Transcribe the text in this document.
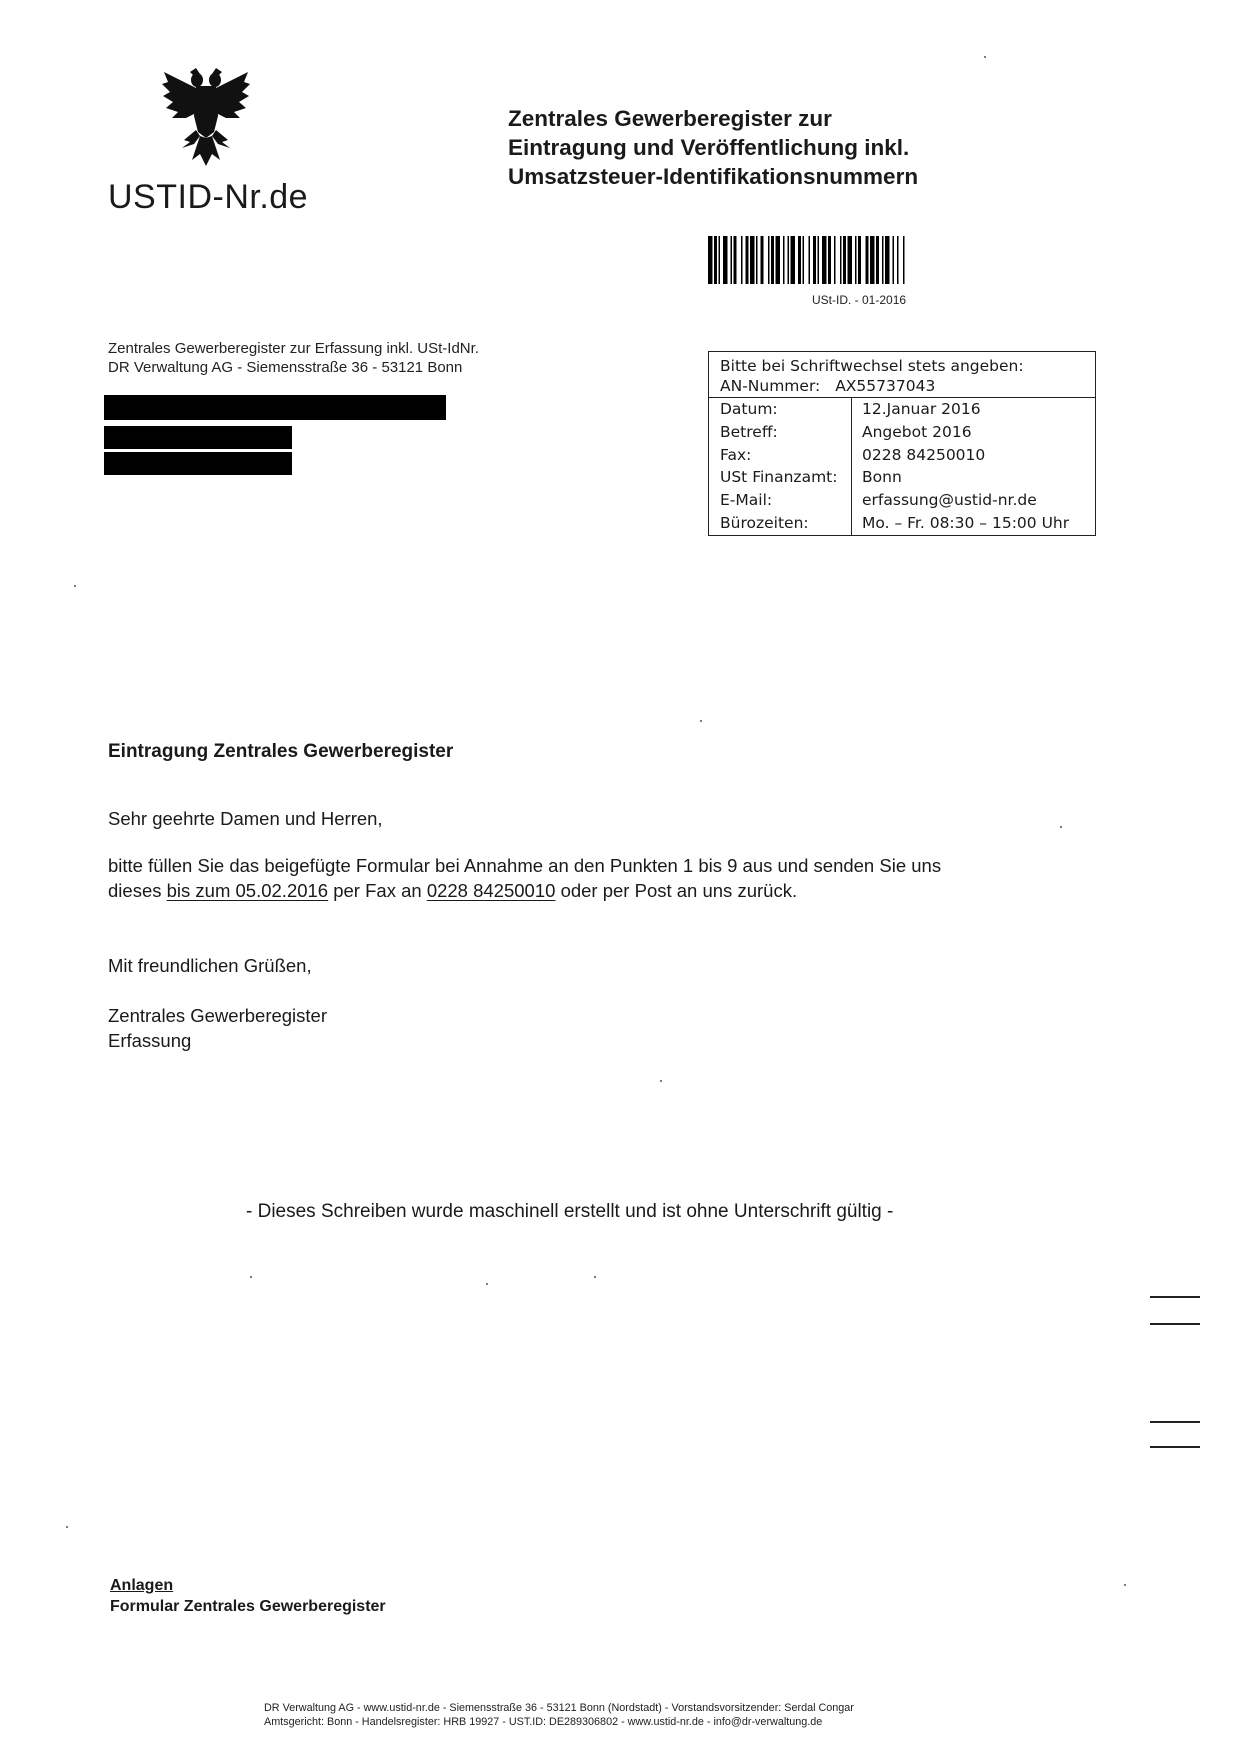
USTID-Nr.de
Zentrales Gewerberegister zur
Eintragung und Veröffentlichung inkl.
Umsatzsteuer-Identifikationsnummern
USt-ID. - 01-2016
Zentrales Gewerberegister zur Erfassung inkl. USt-IdNr.
DR Verwaltung AG - Siemensstraße 36 - 53121 Bonn	Bitte bei Schriftwechsel stets angeben:
AN-Nummer: AX55737043
Datum:	12.Januar 2016
Betreff:	Angebot 2016
Fax:	0228 84250010
USt Finanzamt:	Bonn
E-Mail:	erfassung@ustid-nr.de
Bürozeiten:	Mo. – Fr. 08:30 – 15:00 Uhr
Eintragung Zentrales Gewerberegister
Sehr geehrte Damen und Herren,
bitte füllen Sie das beigefügte Formular bei Annahme an den Punkten 1 bis 9 aus und senden Sie uns
dieses bis zum 05.02.2016 per Fax an 0228 84250010 oder per Post an uns zurück.
Mit freundlichen Grüßen,
Zentrales Gewerberegister
Erfassung
- Dieses Schreiben wurde maschinell erstellt und ist ohne Unterschrift gültig -
Anlagen
Formular Zentrales Gewerberegister
DR Verwaltung AG - www.ustid-nr.de - Siemensstraße 36 - 53121 Bonn (Nordstadt) - Vorstandsvorsitzender: Serdal Congar
Amtsgericht: Bonn - Handelsregister: HRB 19927 - UST.ID: DE289306802 - www.ustid-nr.de - info@dr-verwaltung.de
